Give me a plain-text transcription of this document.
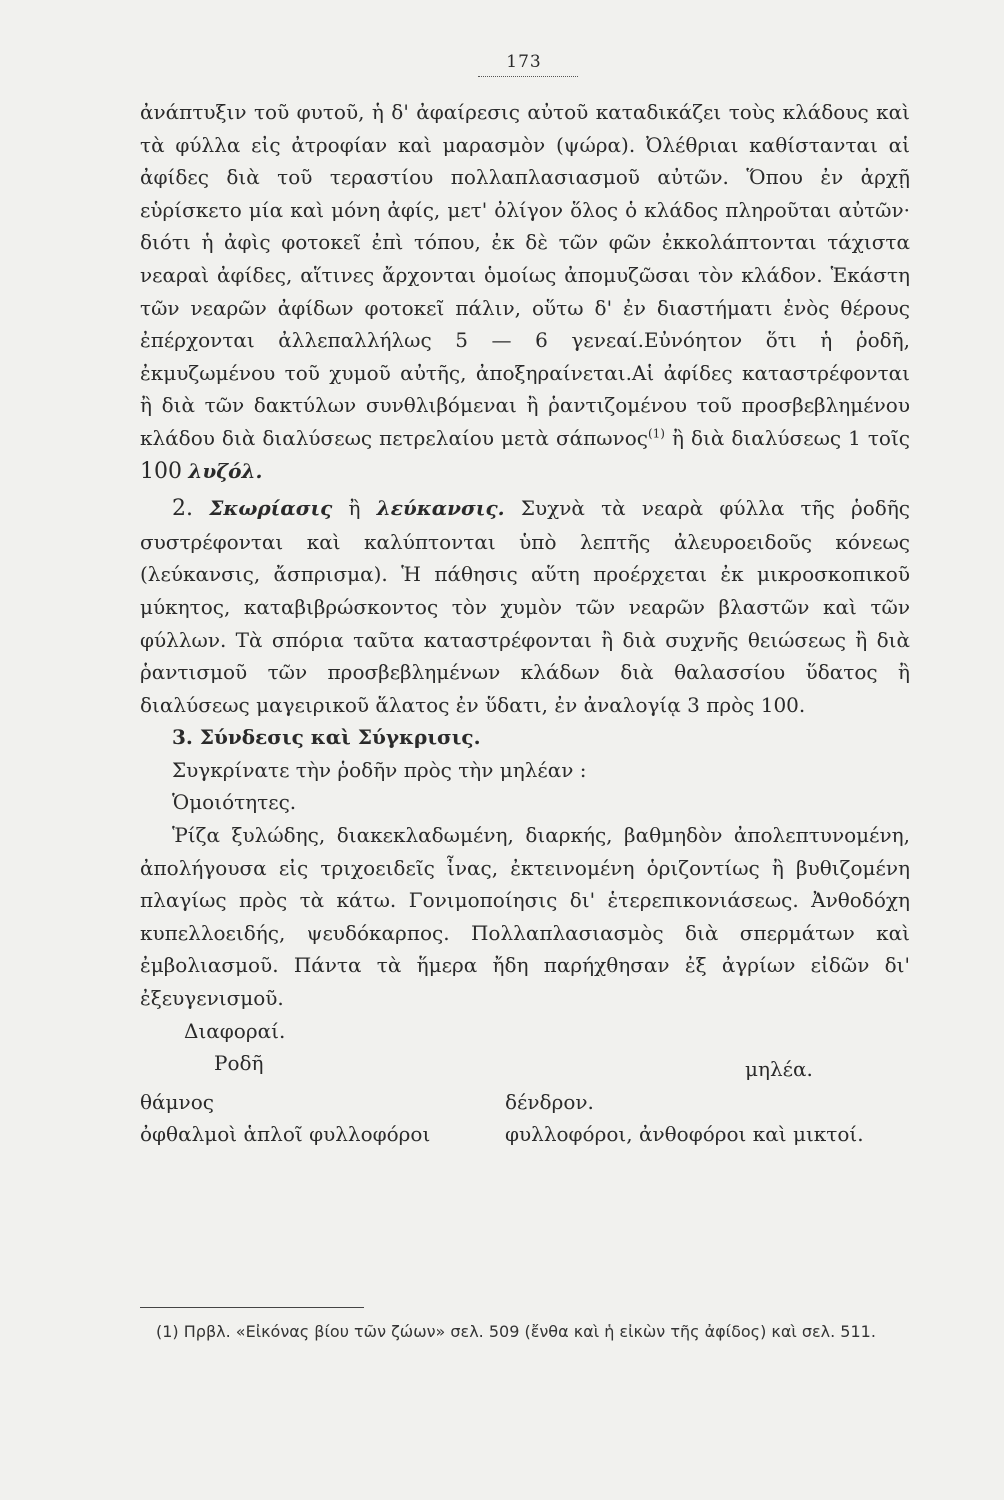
173

ἀνάπτυξιν τοῦ φυτοῦ, ἡ δ' ἀφαίρεσις αὐτοῦ καταδικάζει τοὺς κλάδους καὶ τὰ φύλλα εἰς ἀτροφίαν καὶ μαρασμὸν (ψώρα). Ὀλέθριαι καθίστανται αἱ ἀφίδες διὰ τοῦ τεραστίου πολλαπλασιασμοῦ αὐτῶν. Ὅπου ἐν ἀρχῇ εὑρίσκετο μία καὶ μόνη ἀφίς, μετ' ὀλίγον ὅλος ὁ κλάδος πληροῦται αὐτῶν· διότι ἡ ἀφὶς φοτοκεῖ ἐπὶ τόπου, ἐκ δὲ τῶν φῶν ἐκκολάπτονται τάχιστα νεαραὶ ἀφίδες, αἵτινες ἄρχονται ὁμοίως ἀπομυζῶσαι τὸν κλάδον. Ἑκάστη τῶν νεαρῶν ἀφίδων φοτοκεῖ πάλιν, οὕτω δ' ἐν διαστήματι ἑνὸς θέρους ἐπέρχονται ἀλλεπαλλήλως 5 — 6 γενεαί.Εὐνόητον ὅτι ἡ ῥοδῆ, ἐκμυζωμένου τοῦ χυμοῦ αὐτῆς, ἀποξηραίνεται.Αἱ ἀφίδες καταστρέφονται ἢ διὰ τῶν δακτύλων συνθλιβόμεναι ἢ ῥαντιζομένου τοῦ προσβεβλημένου κλάδου διὰ διαλύσεως πετρελαίου μετὰ σάπωνος$^{(1)}$ ἢ διὰ διαλύσεως 1 τοῖς 100 λυζόλ.

2. Σκωρίασις ἢ λεύκανσις. Συχνὰ τὰ νεαρὰ φύλλα τῆς ῥοδῆς συστρέφονται καὶ καλύπτονται ὑπὸ λεπτῆς ἀλευροειδοῦς κόνεως (λεύκανσις, ἄσπρισμα). Ἡ πάθησις αὕτη προέρχεται ἐκ μικροσκοπικοῦ μύκητος, καταβιβρώσκοντος τὸν χυμὸν τῶν νεαρῶν βλαστῶν καὶ τῶν φύλλων. Τὰ σπόρια ταῦτα καταστρέφονται ἢ διὰ συχνῆς θειώσεως ἢ διὰ ῥαντισμοῦ τῶν προσβεβλημένων κλάδων διὰ θαλασσίου ὕδατος ἢ διαλύσεως μαγειρικοῦ ἅλατος ἐν ὕδατι, ἐν ἀναλογίᾳ 3 πρὸς 100.

3. Σύνδεσις καὶ Σύγκρισις.

Συγκρίνατε τὴν ῥοδῆν πρὸς τὴν μηλέαν :

Ὁμοιότητες.

Ῥίζα ξυλώδης, διακεκλαδωμένη, διαρκής, βαθμηδὸν ἀπολεπτυνομένη, ἀπολήγουσα εἰς τριχοειδεῖς ἶνας, ἐκτεινομένη ὁριζοντίως ἢ βυθιζομένη πλαγίως πρὸς τὰ κάτω. Γονιμοποίησις δι' ἑτερεπικονιάσεως. Ἀνθοδόχη κυπελλοειδής, ψευδόκαρπος. Πολλαπλασιασμὸς διὰ σπερμάτων καὶ ἐμβολιασμοῦ. Πάντα τὰ ἥμερα ἤδη παρήχθησαν ἐξ ἀγρίων εἰδῶν δι' ἐξευγενισμοῦ.

Διαφοραί.

Ροδῆ	μηλέα.
θάμνος	δένδρον.
ὀφθαλμοὶ ἁπλοῖ φυλλοφόροι	φυλλοφόροι, ἀνθοφόροι καὶ μικτοί.

(1) Πρβλ. «Εἰκόνας βίου τῶν ζώων» σελ. 509 (ἔνθα καὶ ἡ εἰκὼν τῆς ἀφίδος) καὶ σελ. 511.
